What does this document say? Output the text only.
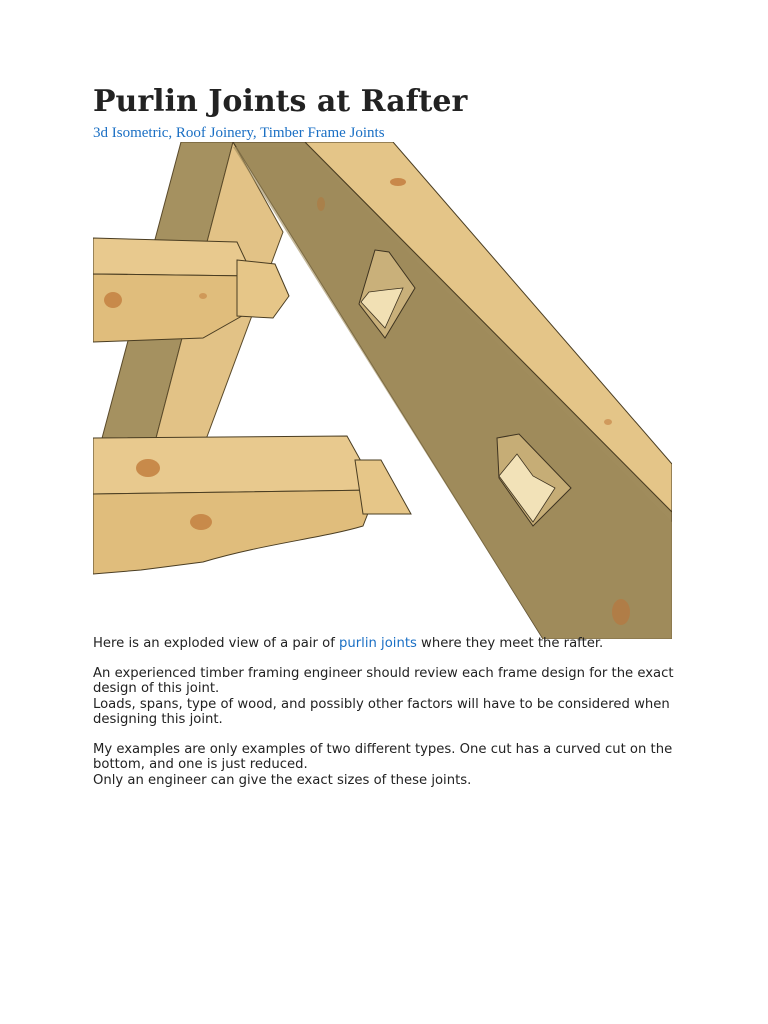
Purlin Joints at Rafter
3d Isometric, Roof Joinery, Timber Frame Joints

Here is an exploded view of a pair of purlin joints where they meet the rafter.

An experienced timber framing engineer should review each frame design for the exact design of this joint.
Loads, spans, type of wood, and possibly other factors will have to be considered when designing this joint.

My examples are only examples of two different types. One cut has a curved cut on the bottom, and one is just reduced.
Only an engineer can give the exact sizes of these joints.
